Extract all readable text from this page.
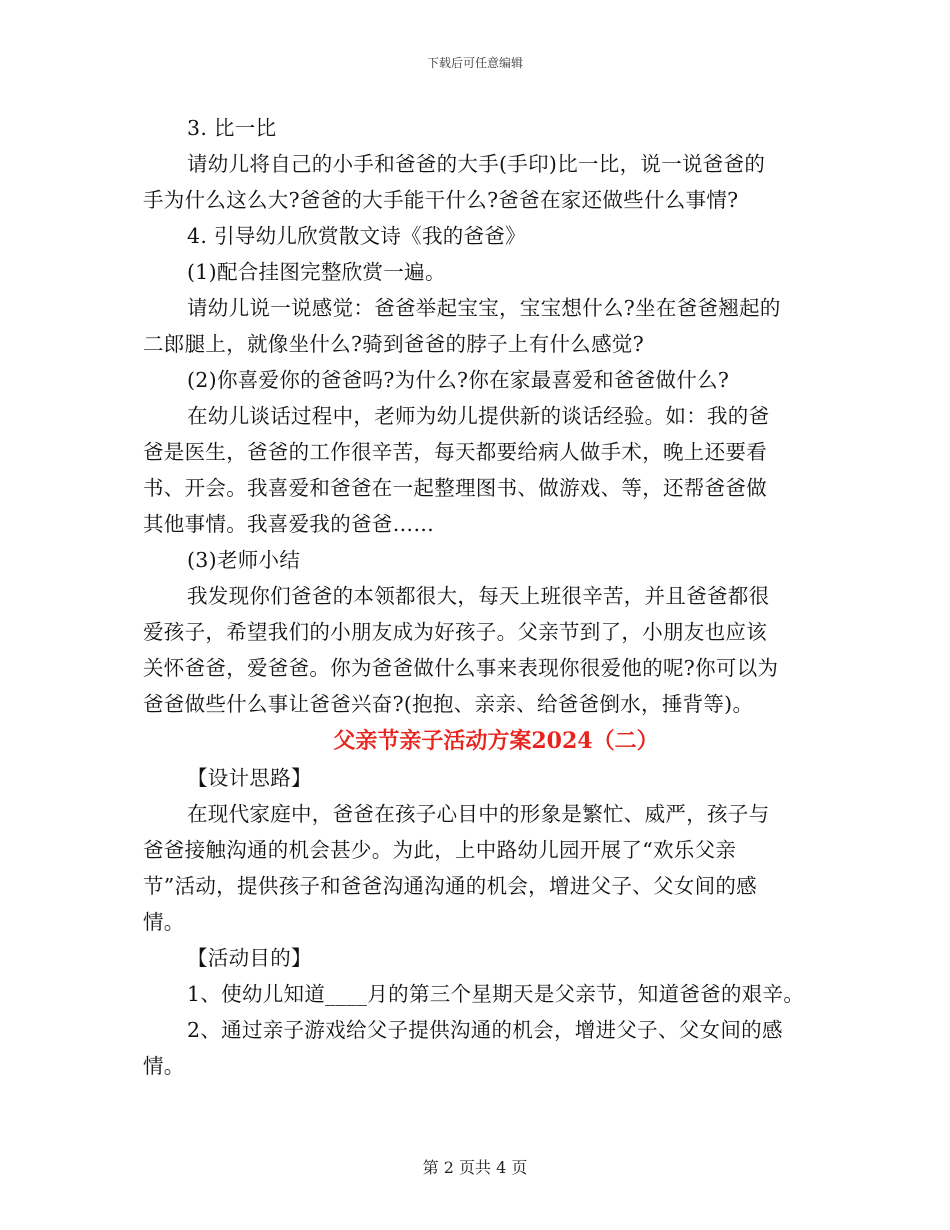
下载后可任意编辑
3. 比一比
请幼儿将自己的小手和爸爸的大手(手印)比一比，说一说爸爸的
手为什么这么大?爸爸的大手能干什么?爸爸在家还做些什么事情?
4. 引导幼儿欣赏散文诗《我的爸爸》
(1)配合挂图完整欣赏一遍。
请幼儿说一说感觉：爸爸举起宝宝，宝宝想什么?坐在爸爸翘起的
二郎腿上，就像坐什么?骑到爸爸的脖子上有什么感觉?
(2)你喜爱你的爸爸吗?为什么?你在家最喜爱和爸爸做什么?
在幼儿谈话过程中，老师为幼儿提供新的谈话经验。如：我的爸
爸是医生，爸爸的工作很辛苦，每天都要给病人做手术，晚上还要看
书、开会。我喜爱和爸爸在一起整理图书、做游戏、等，还帮爸爸做
其他事情。我喜爱我的爸爸……
(3)老师小结
我发现你们爸爸的本领都很大，每天上班很辛苦，并且爸爸都很
爱孩子，希望我们的小朋友成为好孩子。父亲节到了，小朋友也应该
关怀爸爸，爱爸爸。你为爸爸做什么事来表现你很爱他的呢?你可以为
爸爸做些什么事让爸爸兴奋?(抱抱、亲亲、给爸爸倒水，捶背等)。
父亲节亲子活动方案2024（二）
【设计思路】
在现代家庭中，爸爸在孩子心目中的形象是繁忙、威严，孩子与
爸爸接触沟通的机会甚少。为此，上中路幼儿园开展了“欢乐父亲
节”活动，提供孩子和爸爸沟通沟通的机会，增进父子、父女间的感
情。
【活动目的】
1、使幼儿知道____月的第三个星期天是父亲节，知道爸爸的艰辛。
2、通过亲子游戏给父子提供沟通的机会，增进父子、父女间的感
情。
第 2 页共 4 页
